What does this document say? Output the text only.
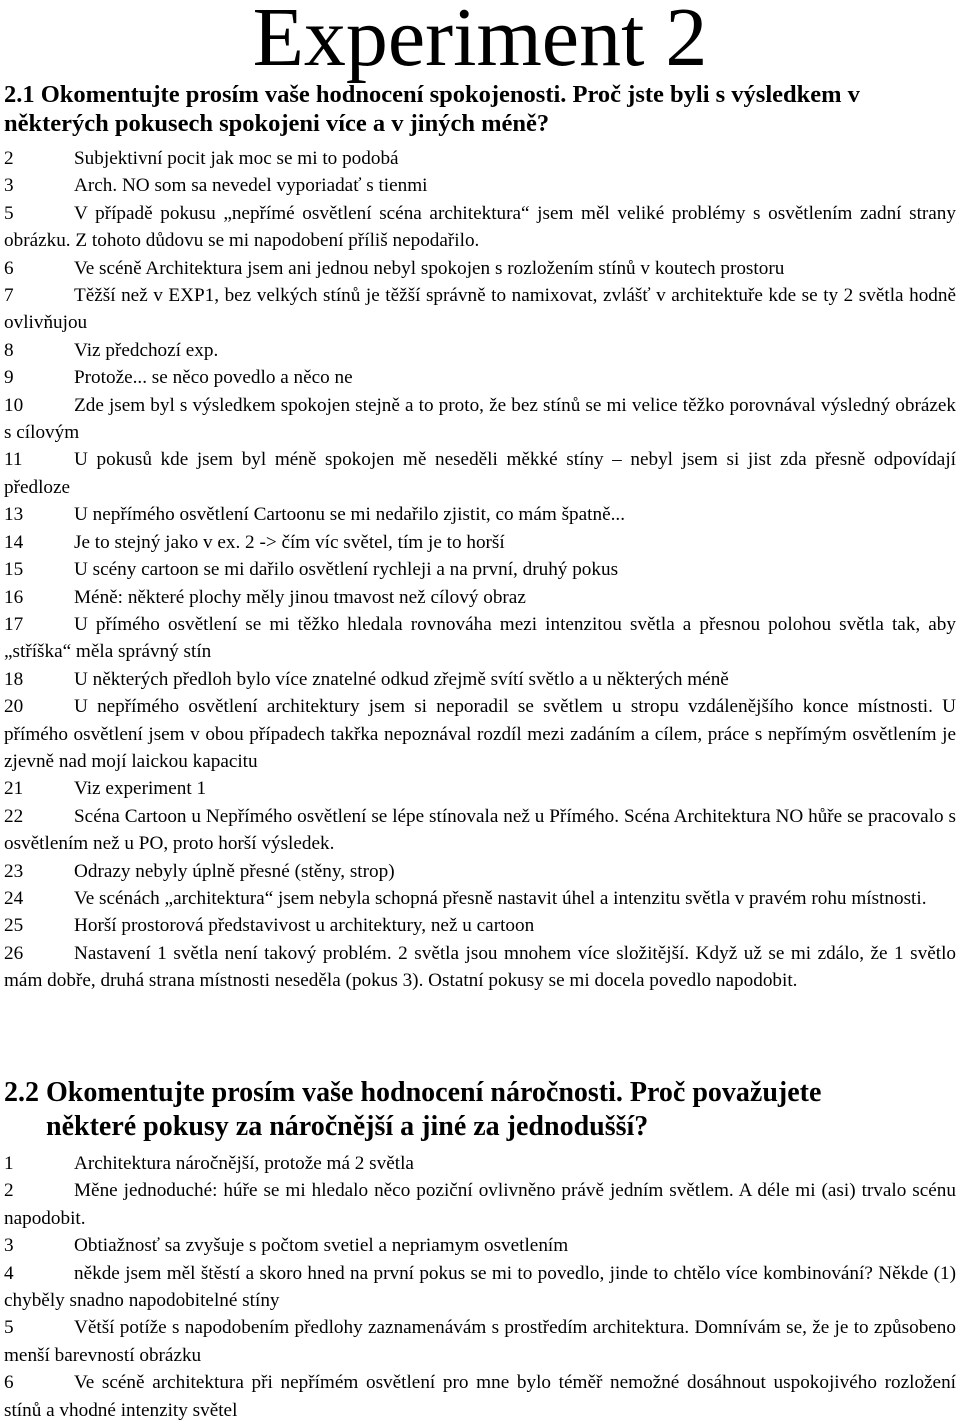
Experiment 2
2.1 Okomentujte prosím vaše hodnocení spokojenosti. Proč jste byli s výsledkem v některých pokusech spokojeni více a v jiných méně?

2	Subjektivní pocit jak moc se mi to podobá

3	Arch. NO som sa nevedel vyporiadať s tienmi

5	V případě pokusu „nepřímé osvětlení scéna architektura“ jsem měl veliké problémy s osvětlením zadní strany obrázku. Z tohoto důdovu se mi napodobení příliš nepodařilo.

6	Ve scéně Architektura jsem ani jednou nebyl spokojen s rozložením stínů v koutech prostoru

7	Těžší než v EXP1, bez velkých stínů je těžší správně to namixovat, zvlášť v architektuře kde se ty 2 světla hodně ovlivňujou

8	Viz předchozí exp.

9	Protože... se něco povedlo a něco ne

10	Zde jsem byl s výsledkem spokojen stejně a to proto, že bez stínů se mi velice těžko porovnával výsledný obrázek s cílovým

11	U pokusů kde jsem byl méně spokojen mě neseděli měkké stíny – nebyl jsem si jist zda přesně odpovídají předloze

13	U nepřímého osvětlení Cartoonu se mi nedařilo zjistit, co mám špatně...

14	Je to stejný jako v ex. 2 -> čím víc světel, tím je to horší

15	U scény cartoon se mi dařilo osvětlení rychleji a na první, druhý pokus

16	Méně: některé plochy měly jinou tmavost než cílový obraz

17	U přímého osvětlení se mi těžko hledala rovnováha mezi intenzitou světla a přesnou polohou světla tak, aby „stříška“ měla správný stín

18	U některých předloh bylo více znatelné odkud zřejmě svítí světlo a u některých méně

20	U nepřímého osvětlení architektury jsem si neporadil se světlem u stropu vzdálenějšího konce místnosti. U přímého osvětlení jsem v obou případech takřka nepoznával rozdíl mezi zadáním a cílem, práce s nepřímým osvětlením je zjevně nad mojí laickou kapacitu

21	Viz experiment 1

22	Scéna Cartoon u Nepřímého osvětlení se lépe stínovala než u Přímého. Scéna Architektura NO hůře se pracovalo s osvětlením než u PO, proto horší výsledek.

23	Odrazy nebyly úplně přesné (stěny, strop)

24	Ve scénách „architektura“ jsem nebyla schopná přesně nastavit úhel a intenzitu světla v pravém rohu místnosti.

25	Horší prostorová představivost u architektury, než u cartoon

26	Nastavení 1 světla není takový problém. 2 světla jsou mnohem více složitější. Když už se mi zdálo, že 1 světlo mám dobře, druhá strana místnosti neseděla (pokus 3). Ostatní pokusy se mi docela povedlo napodobit.

2.2 Okomentujte prosím vaše hodnocení náročnosti. Proč považujete
některé pokusy za náročnější a jiné za jednodušší?

1	Architektura náročnější, protože má 2 světla

2	Měne jednoduché: húře se mi hledalo něco poziční ovlivněno právě jedním světlem. A déle mi (asi) trvalo scénu napodobit.

3	Obtiažnosť sa zvyšuje s počtom svetiel a nepriamym osvetlením

4	někde jsem měl štěstí a skoro hned na první pokus se mi to povedlo, jinde to chtělo více kombinování? Někde (1) chyběly snadno napodobitelné stíny

5	Větší potíže s napodobením předlohy zaznamenávám s prostředím architektura. Domnívám se, že je to způsobeno menší barevností obrázku

6	Ve scéně architektura při nepřímém osvětlení pro mne bylo téměř nemožné dosáhnout uspokojivého rozložení stínů a vhodné intenzity světel
